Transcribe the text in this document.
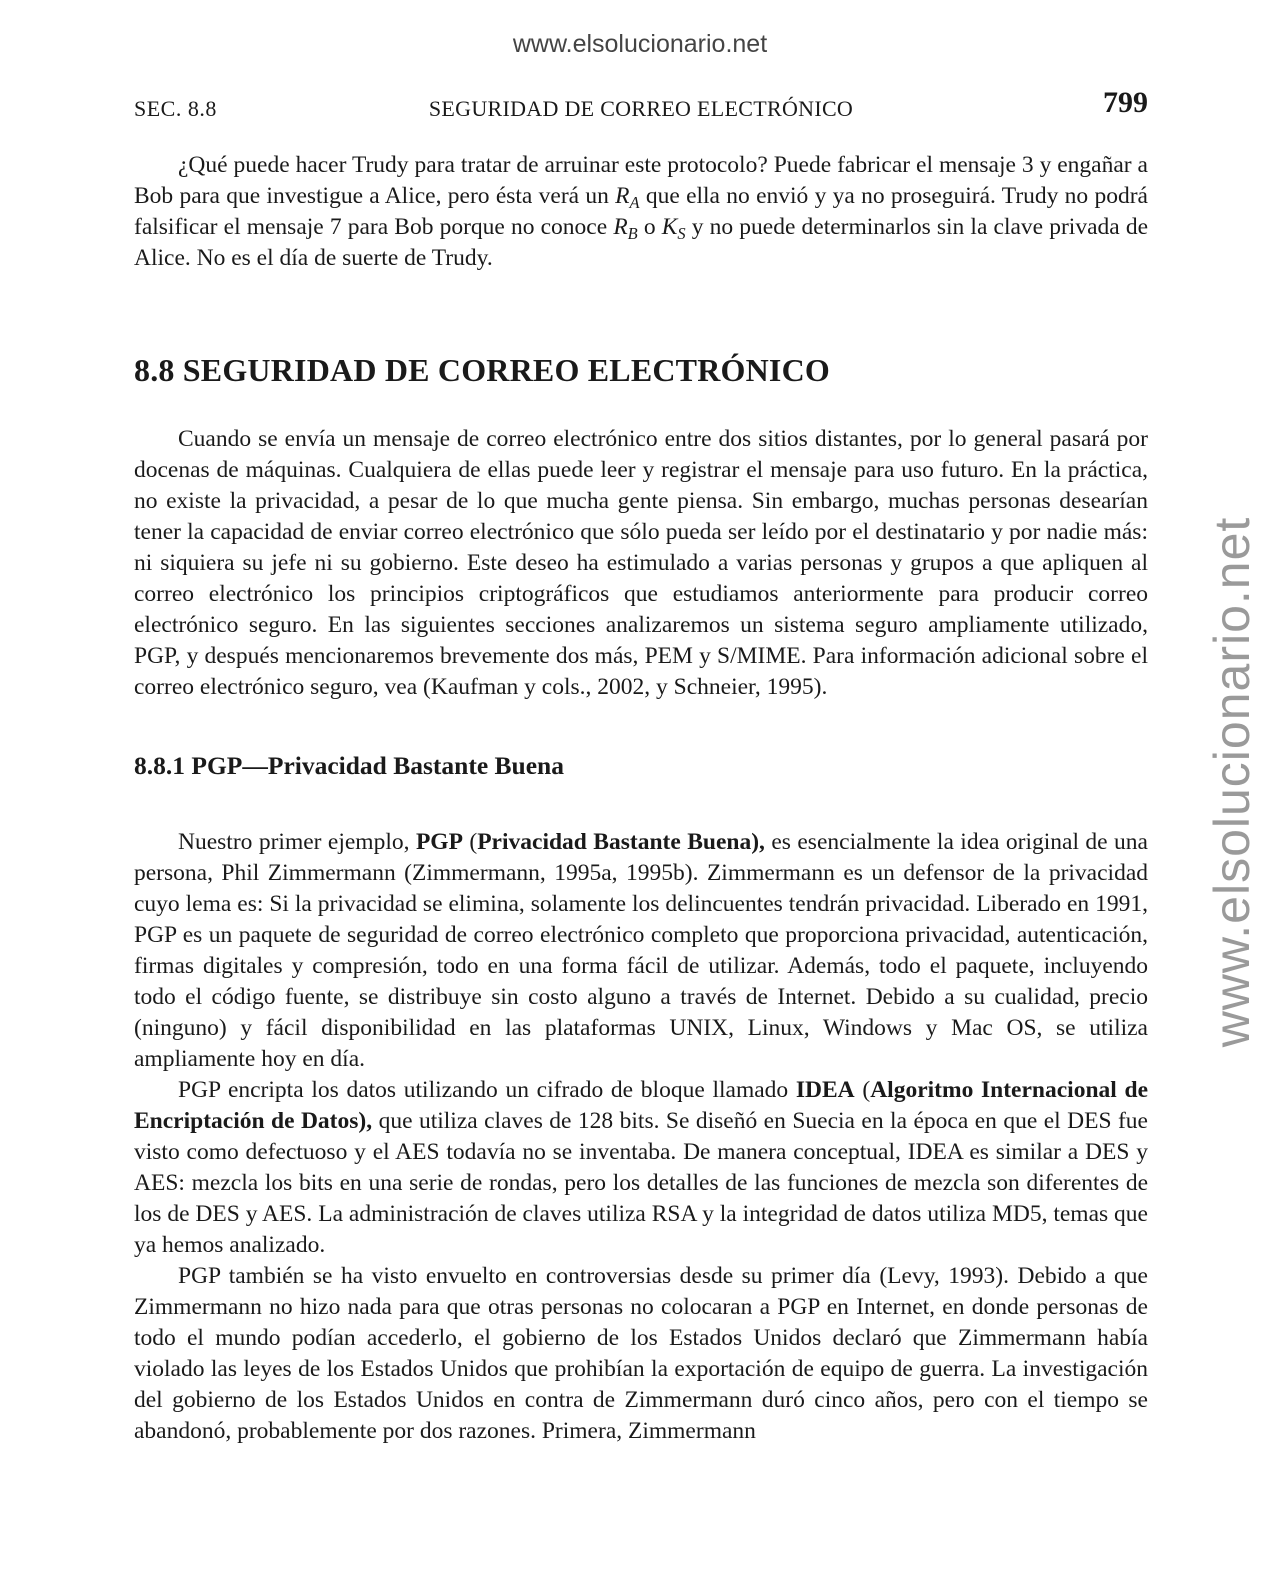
www.elsolucionario.net
www.elsolucionario.net
SEC. 8.8	SEGURIDAD DE CORREO ELECTRÓNICO	799

¿Qué puede hacer Trudy para tratar de arruinar este protocolo? Puede fabricar el mensaje 3 y engañar a Bob para que investigue a Alice, pero ésta verá un $R_A$ que ella no envió y ya no proseguirá. Trudy no podrá falsificar el mensaje 7 para Bob porque no conoce $R_B$ o $K_S$ y no puede determinarlos sin la clave privada de Alice. No es el día de suerte de Trudy.

8.8 SEGURIDAD DE CORREO ELECTRÓNICO

Cuando se envía un mensaje de correo electrónico entre dos sitios distantes, por lo general pasará por docenas de máquinas. Cualquiera de ellas puede leer y registrar el mensaje para uso futuro. En la práctica, no existe la privacidad, a pesar de lo que mucha gente piensa. Sin embargo, muchas personas desearían tener la capacidad de enviar correo electrónico que sólo pueda ser leído por el destinatario y por nadie más: ni siquiera su jefe ni su gobierno. Este deseo ha estimulado a varias personas y grupos a que apliquen al correo electrónico los principios criptográficos que estudiamos anteriormente para producir correo electrónico seguro. En las siguientes secciones analizaremos un sistema seguro ampliamente utilizado, PGP, y después mencionaremos brevemente dos más, PEM y S/MIME. Para información adicional sobre el correo electrónico seguro, vea (Kaufman y cols., 2002, y Schneier, 1995).

8.8.1 PGP—Privacidad Bastante Buena

Nuestro primer ejemplo, PGP (Privacidad Bastante Buena), es esencialmente la idea original de una persona, Phil Zimmermann (Zimmermann, 1995a, 1995b). Zimmermann es un defensor de la privacidad cuyo lema es: Si la privacidad se elimina, solamente los delincuentes tendrán privacidad. Liberado en 1991, PGP es un paquete de seguridad de correo electrónico completo que proporciona privacidad, autenticación, firmas digitales y compresión, todo en una forma fácil de utilizar. Además, todo el paquete, incluyendo todo el código fuente, se distribuye sin costo alguno a través de Internet. Debido a su cualidad, precio (ninguno) y fácil disponibilidad en las plataformas UNIX, Linux, Windows y Mac OS, se utiliza ampliamente hoy en día.

PGP encripta los datos utilizando un cifrado de bloque llamado IDEA (Algoritmo Internacional de Encriptación de Datos), que utiliza claves de 128 bits. Se diseñó en Suecia en la época en que el DES fue visto como defectuoso y el AES todavía no se inventaba. De manera conceptual, IDEA es similar a DES y AES: mezcla los bits en una serie de rondas, pero los detalles de las funciones de mezcla son diferentes de los de DES y AES. La administración de claves utiliza RSA y la integridad de datos utiliza MD5, temas que ya hemos analizado.

PGP también se ha visto envuelto en controversias desde su primer día (Levy, 1993). Debido a que Zimmermann no hizo nada para que otras personas no colocaran a PGP en Internet, en donde personas de todo el mundo podían accederlo, el gobierno de los Estados Unidos declaró que Zimmermann había violado las leyes de los Estados Unidos que prohibían la exportación de equipo de guerra. La investigación del gobierno de los Estados Unidos en contra de Zimmermann duró cinco años, pero con el tiempo se abandonó, probablemente por dos razones. Primera, Zimmermann
